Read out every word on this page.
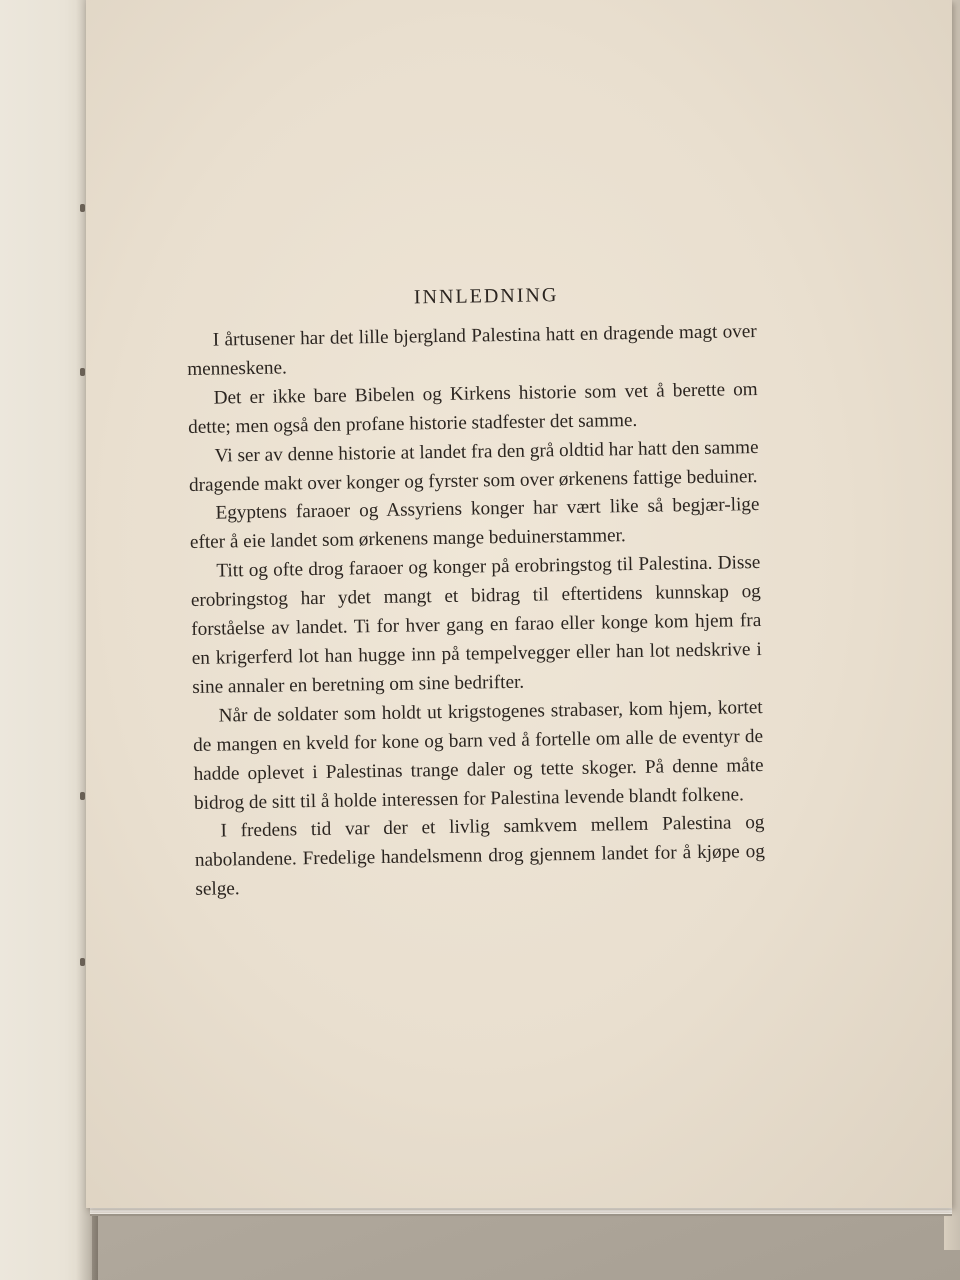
INNLEDNING

I årtusener har det lille bjergland Palestina hatt en dragende magt over menneskene.

Det er ikke bare Bibelen og Kirkens historie som vet å berette om dette; men også den profane historie stadfester det samme.

Vi ser av denne historie at landet fra den grå oldtid har hatt den samme dragende makt over konger og fyrster som over ørkenens fattige beduiner.

Egyptens faraoer og Assyriens konger har vært like så begjær-lige efter å eie landet som ørkenens mange beduinerstammer.

Titt og ofte drog faraoer og konger på erobringstog til Palestina. Disse erobringstog har ydet mangt et bidrag til eftertidens kunnskap og forståelse av landet. Ti for hver gang en farao eller konge kom hjem fra en krigerferd lot han hugge inn på tempelvegger eller han lot nedskrive i sine annaler en beretning om sine bedrifter.

Når de soldater som holdt ut krigstogenes strabaser, kom hjem, kortet de mangen en kveld for kone og barn ved å fortelle om alle de eventyr de hadde oplevet i Palestinas trange daler og tette skoger. På denne måte bidrog de sitt til å holde interessen for Palestina levende blandt folkene.

I fredens tid var der et livlig samkvem mellem Palestina og nabolandene. Fredelige handelsmenn drog gjennem landet for å kjøpe og selge.
